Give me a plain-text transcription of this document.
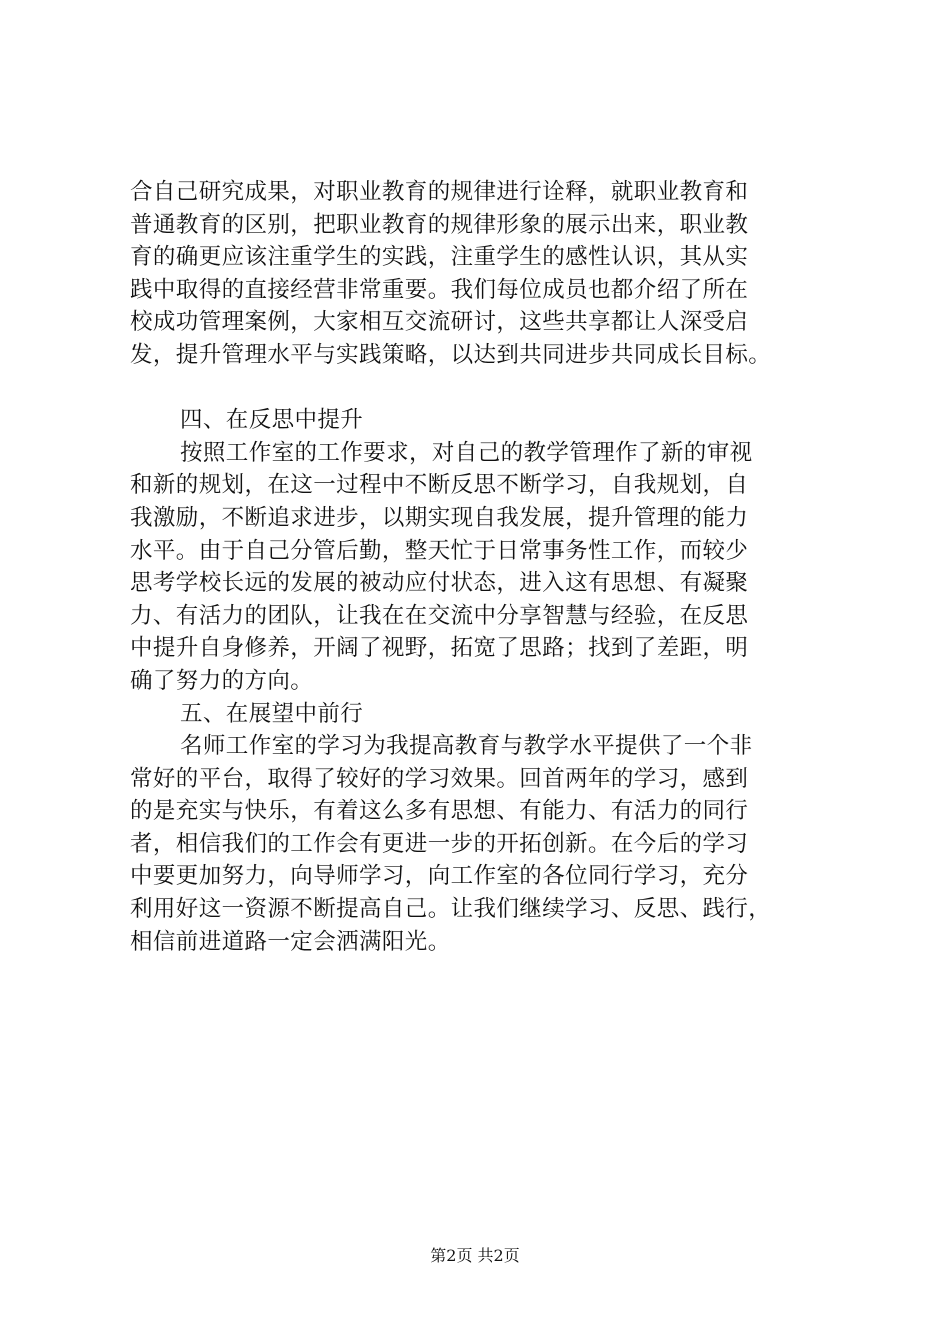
合自己研究成果，对职业教育的规律进行诠释，就职业教育和
普通教育的区别，把职业教育的规律形象的展示出来，职业教
育的确更应该注重学生的实践，注重学生的感性认识，其从实
践中取得的直接经营非常重要。我们每位成员也都介绍了所在
校成功管理案例，大家相互交流研讨，这些共享都让人深受启
发，提升管理水平与实践策略，以达到共同进步共同成长目标。
四、在反思中提升
按照工作室的工作要求，对自己的教学管理作了新的审视
和新的规划，在这一过程中不断反思不断学习，自我规划，自
我激励，不断追求进步，以期实现自我发展，提升管理的能力
水平。由于自己分管后勤，整天忙于日常事务性工作，而较少
思考学校长远的发展的被动应付状态，进入这有思想、有凝聚
力、有活力的团队，让我在在交流中分享智慧与经验，在反思
中提升自身修养，开阔了视野，拓宽了思路；找到了差距，明
确了努力的方向。
五、在展望中前行
名师工作室的学习为我提高教育与教学水平提供了一个非
常好的平台，取得了较好的学习效果。回首两年的学习，感到
的是充实与快乐，有着这么多有思想、有能力、有活力的同行
者，相信我们的工作会有更进一步的开拓创新。在今后的学习
中要更加努力，向导师学习，向工作室的各位同行学习，充分
利用好这一资源不断提高自己。让我们继续学习、反思、践行，
相信前进道路一定会洒满阳光。
第2页 共2页
